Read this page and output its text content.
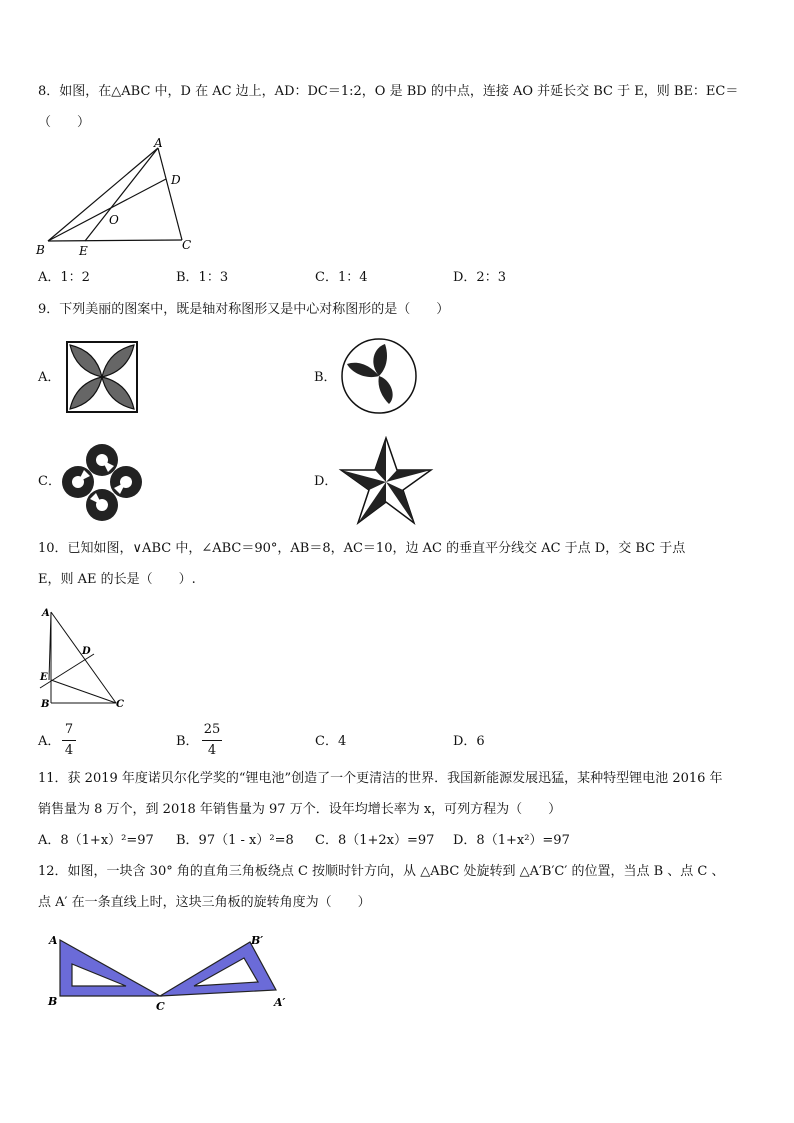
8．如图，在△ABC 中，D 在 AC 边上，AD：DC＝1:2，O 是 BD 的中点，连接 AO 并延长交 BC 于 E，则 BE：EC＝
（　　）
A
D
O
B	E	C
A．1：2	B．1：3	C．1：4	D．2：3
9．下列美丽的图案中，既是轴对称图形又是中心对称图形的是（　　）
A．	B．
C．	D．
10．已知如图，∨ABC 中，∠ABC＝90°，AB＝8，AC＝10，边 AC 的垂直平分线交 AC 于点 D，交 BC 于点
E，则 AE 的长是（　　）.
A
D
E
B	C
A．
7
4
B．
25
4
C．4	D．6
11．获 2019 年度诺贝尔化学奖的“锂电池”创造了一个更清洁的世界．我国新能源发展迅猛，某种特型锂电池 2016 年
销售量为 8 万个，到 2018 年销售量为 97 万个．设年均增长率为 x，可列方程为（　　）
A．8（1+x）²=97 B．97（1 - x）²=8 C．8（1+2x）=97 D．8（1+x²）=97
12．如图，一块含 30° 角的直角三角板绕点 C 按顺时针方向，从 △ABC 处旋转到 △A′B′C′ 的位置，当点 B 、点 C 、
点 A′ 在一条直线上时，这块三角板的旋转角度为（　　）
A
B	C
B′
A′
